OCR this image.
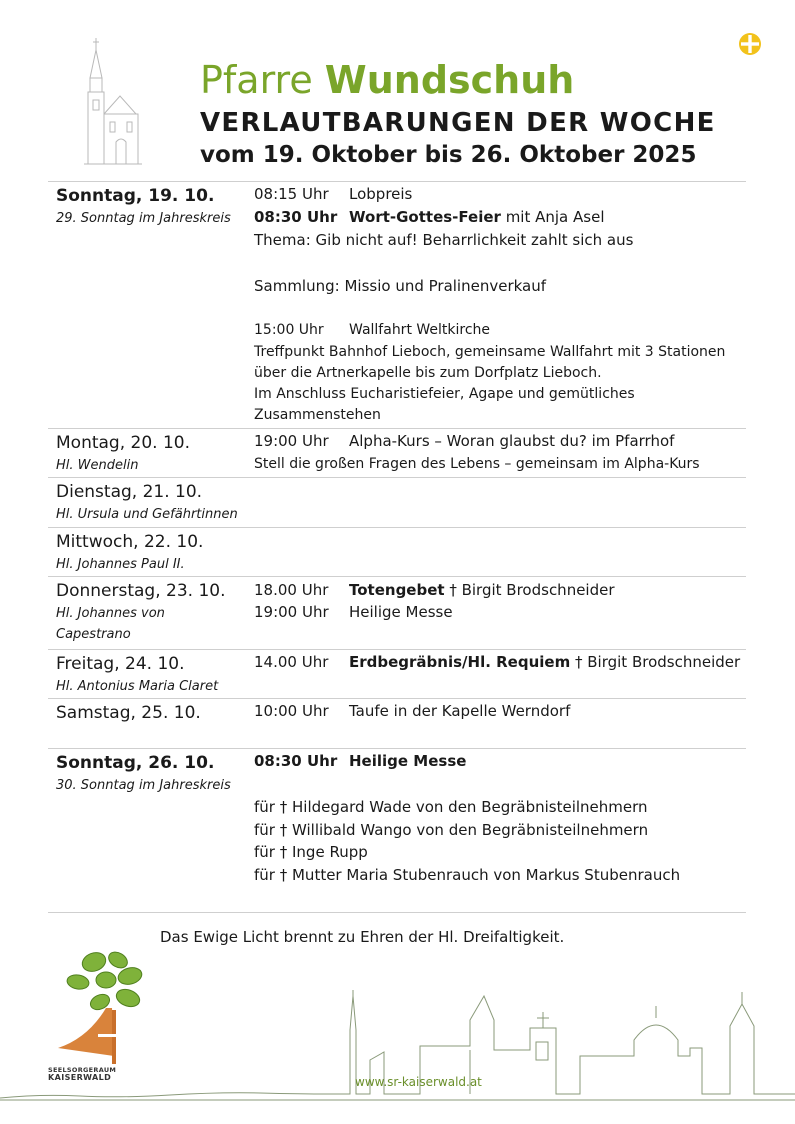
Pfarre Wundschuh
VERLAUTBARUNGEN DER WOCHE
vom 19. Oktober bis 26. Oktober 2025
Sonntag, 19. 10.
29. Sonntag im Jahreskreis
08:15 Uhr Lobpreis
08:30 Uhr Wort-Gottes-Feier mit Anja Asel
Thema: Gib nicht auf! Beharrlichkeit zahlt sich aus
Sammlung: Missio und Pralinenverkauf
15:00 Uhr Wallfahrt Weltkirche
Treffpunkt Bahnhof Lieboch, gemeinsame Wallfahrt mit 3 Stationen
über die Artnerkapelle bis zum Dorfplatz Lieboch.
Im Anschluss Eucharistiefeier, Agape und gemütliches
Zusammenstehen
Montag, 20. 10.
Hl. Wendelin
19:00 Uhr Alpha-Kurs – Woran glaubst du? im Pfarrhof
Stell die großen Fragen des Lebens – gemeinsam im Alpha-Kurs
Dienstag, 21. 10.
Hl. Ursula und Gefährtinnen
Mittwoch, 22. 10.
Hl. Johannes Paul II.
Donnerstag, 23. 10.
Hl. Johannes von
Capestrano
18.00 Uhr Totengebet † Birgit Brodschneider
19:00 Uhr Heilige Messe
Freitag, 24. 10.
Hl. Antonius Maria Claret
14.00 Uhr Erdbegräbnis/Hl. Requiem † Birgit Brodschneider
Samstag, 25. 10.	10:00 Uhr Taufe in der Kapelle Werndorf
Sonntag, 26. 10.
30. Sonntag im Jahreskreis
08:30 Uhr Heilige Messe
für † Hildegard Wade von den Begräbnisteilnehmern
für † Willibald Wango von den Begräbnisteilnehmern
für † Inge Rupp
für † Mutter Maria Stubenrauch von Markus Stubenrauch
Das Ewige Licht brennt zu Ehren der Hl. Dreifaltigkeit.
SEELSORGERAUM
KAISERWALD	www.sr-kaiserwald.at
